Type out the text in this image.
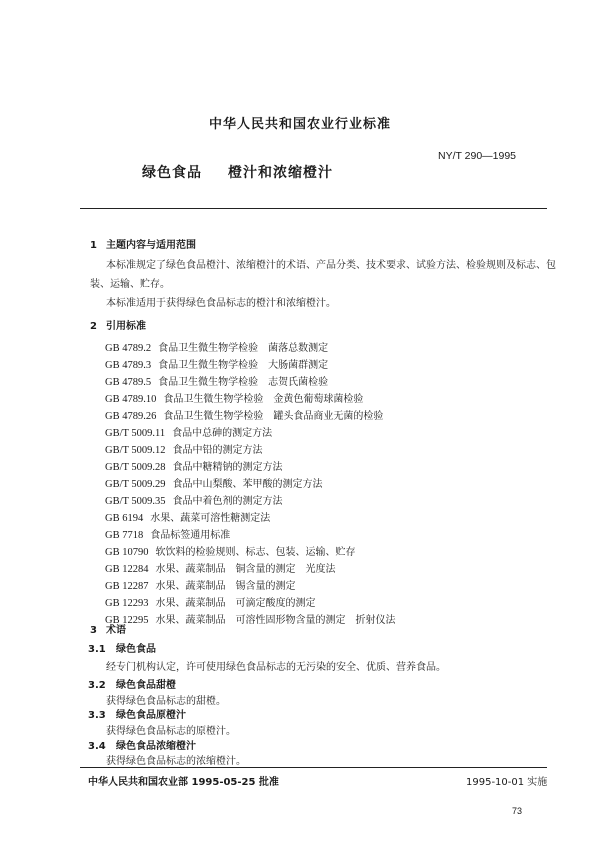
中华人民共和国农业行业标准
NY/T 290—1995
绿色食品 橙汁和浓缩橙汁
1 主题内容与适用范围
本标准规定了绿色食品橙汁、浓缩橙汁的术语、产品分类、技术要求、试验方法、检验规则及标志、包
装、运输、贮存。
本标准适用于获得绿色食品标志的橙汁和浓缩橙汁。
2 引用标准
GB 4789.2 食品卫生微生物学检验 菌落总数测定
GB 4789.3 食品卫生微生物学检验 大肠菌群测定
GB 4789.5 食品卫生微生物学检验 志贺氏菌检验
GB 4789.10 食品卫生微生物学检验 金黄色葡萄球菌检验
GB 4789.26 食品卫生微生物学检验 罐头食品商业无菌的检验
GB/T 5009.11 食品中总砷的测定方法
GB/T 5009.12 食品中铅的测定方法
GB/T 5009.28 食品中糖精钠的测定方法
GB/T 5009.29 食品中山梨酸、苯甲酸的测定方法
GB/T 5009.35 食品中着色剂的测定方法
GB 6194 水果、蔬菜可溶性糖测定法
GB 7718 食品标签通用标准
GB 10790 软饮料的检验规则、标志、包装、运输、贮存
GB 12284 水果、蔬菜制品 铜含量的测定　光度法
GB 12287 水果、蔬菜制品 锡含量的测定
GB 12293 水果、蔬菜制品 可滴定酸度的测定
GB 12295 水果、蔬菜制品 可溶性固形物含量的测定　折射仪法
3 术语
3.1 绿色食品
经专门机构认定，许可使用绿色食品标志的无污染的安全、优质、营养食品。
3.2 绿色食品甜橙
获得绿色食品标志的甜橙。
3.3 绿色食品原橙汁
中华人民共和国农业部 1995-05-25 批准	1995-10-01 实施
73
获得绿色食品标志的原橙汁。
3.4 绿色食品浓缩橙汁
获得绿色食品标志的浓缩橙汁。
